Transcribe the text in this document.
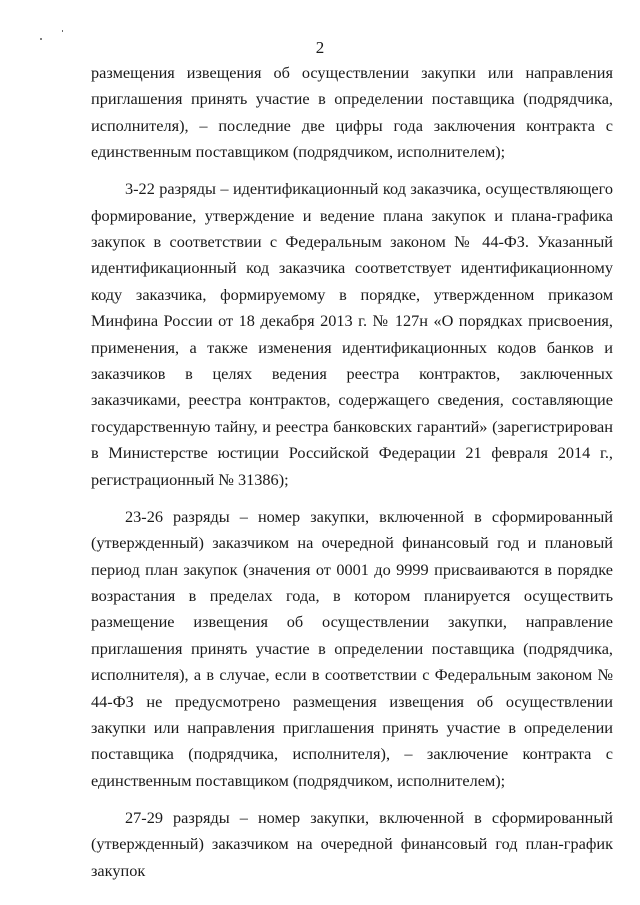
2

размещения извещения об осуществлении закупки или направления приглашения принять участие в определении поставщика (подрядчика, исполнителя), – последние две цифры года заключения контракта с единственным поставщиком (подрядчиком, исполнителем);

3-22 разряды – идентификационный код заказчика, осуществляющего формирование, утверждение и ведение плана закупок и плана-графика закупок в соответствии с Федеральным законом № 44-ФЗ. Указанный идентификационный код заказчика соответствует идентификационному коду заказчика, формируемому в порядке, утвержденном приказом Минфина России от 18 декабря 2013 г. № 127н «О порядках присвоения, применения, а также изменения идентификационных кодов банков и заказчиков в целях ведения реестра контрактов, заключенных заказчиками, реестра контрактов, содержащего сведения, составляющие государственную тайну, и реестра банковских гарантий» (зарегистрирован в Министерстве юстиции Российской Федерации 21 февраля 2014 г., регистрационный № 31386);

23-26 разряды – номер закупки, включенной в сформированный (утвержденный) заказчиком на очередной финансовый год и плановый период план закупок (значения от 0001 до 9999 присваиваются в порядке возрастания в пределах года, в котором планируется осуществить размещение извещения об осуществлении закупки, направление приглашения принять участие в определении поставщика (подрядчика, исполнителя), а в случае, если в соответствии с Федеральным законом № 44-ФЗ не предусмотрено размещения извещения об осуществлении закупки или направления приглашения принять участие в определении поставщика (подрядчика, исполнителя), – заключение контракта с единственным поставщиком (подрядчиком, исполнителем);

27-29 разряды – номер закупки, включенной в сформированный (утвержденный) заказчиком на очередной финансовый год план-график закупок
